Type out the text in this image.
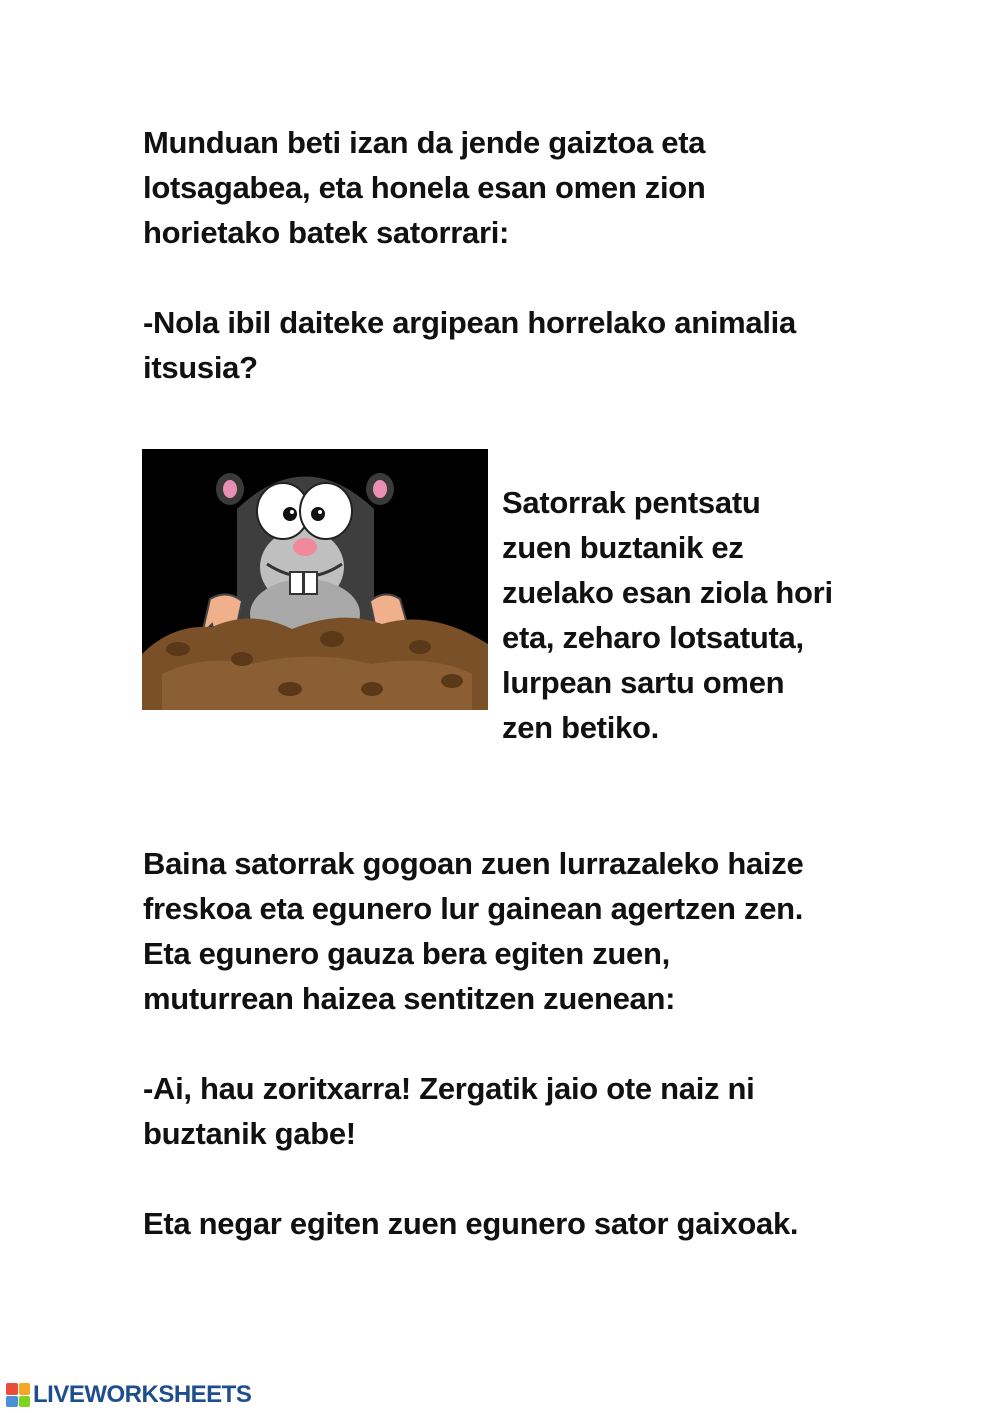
Munduan beti izan da jende gaiztoa eta
lotsagabea, eta honela esan omen zion
horietako batek satorrari:

-Nola ibil daiteke argipean horrelako animalia
itsusia?

Satorrak pentsatu
zuen buztanik ez
zuelako esan ziola hori
eta, zeharo lotsatuta,
lurpean sartu omen
zen betiko.

Baina satorrak gogoan zuen lurrazaleko haize
freskoa eta egunero lur gainean agertzen zen.
Eta egunero gauza bera egiten zuen,
muturrean haizea sentitzen zuenean:

-Ai, hau zoritxarra! Zergatik jaio ote naiz ni
buztanik gabe!

Eta negar egiten zuen egunero sator gaixoak.

LIVEWORKSHEETS
